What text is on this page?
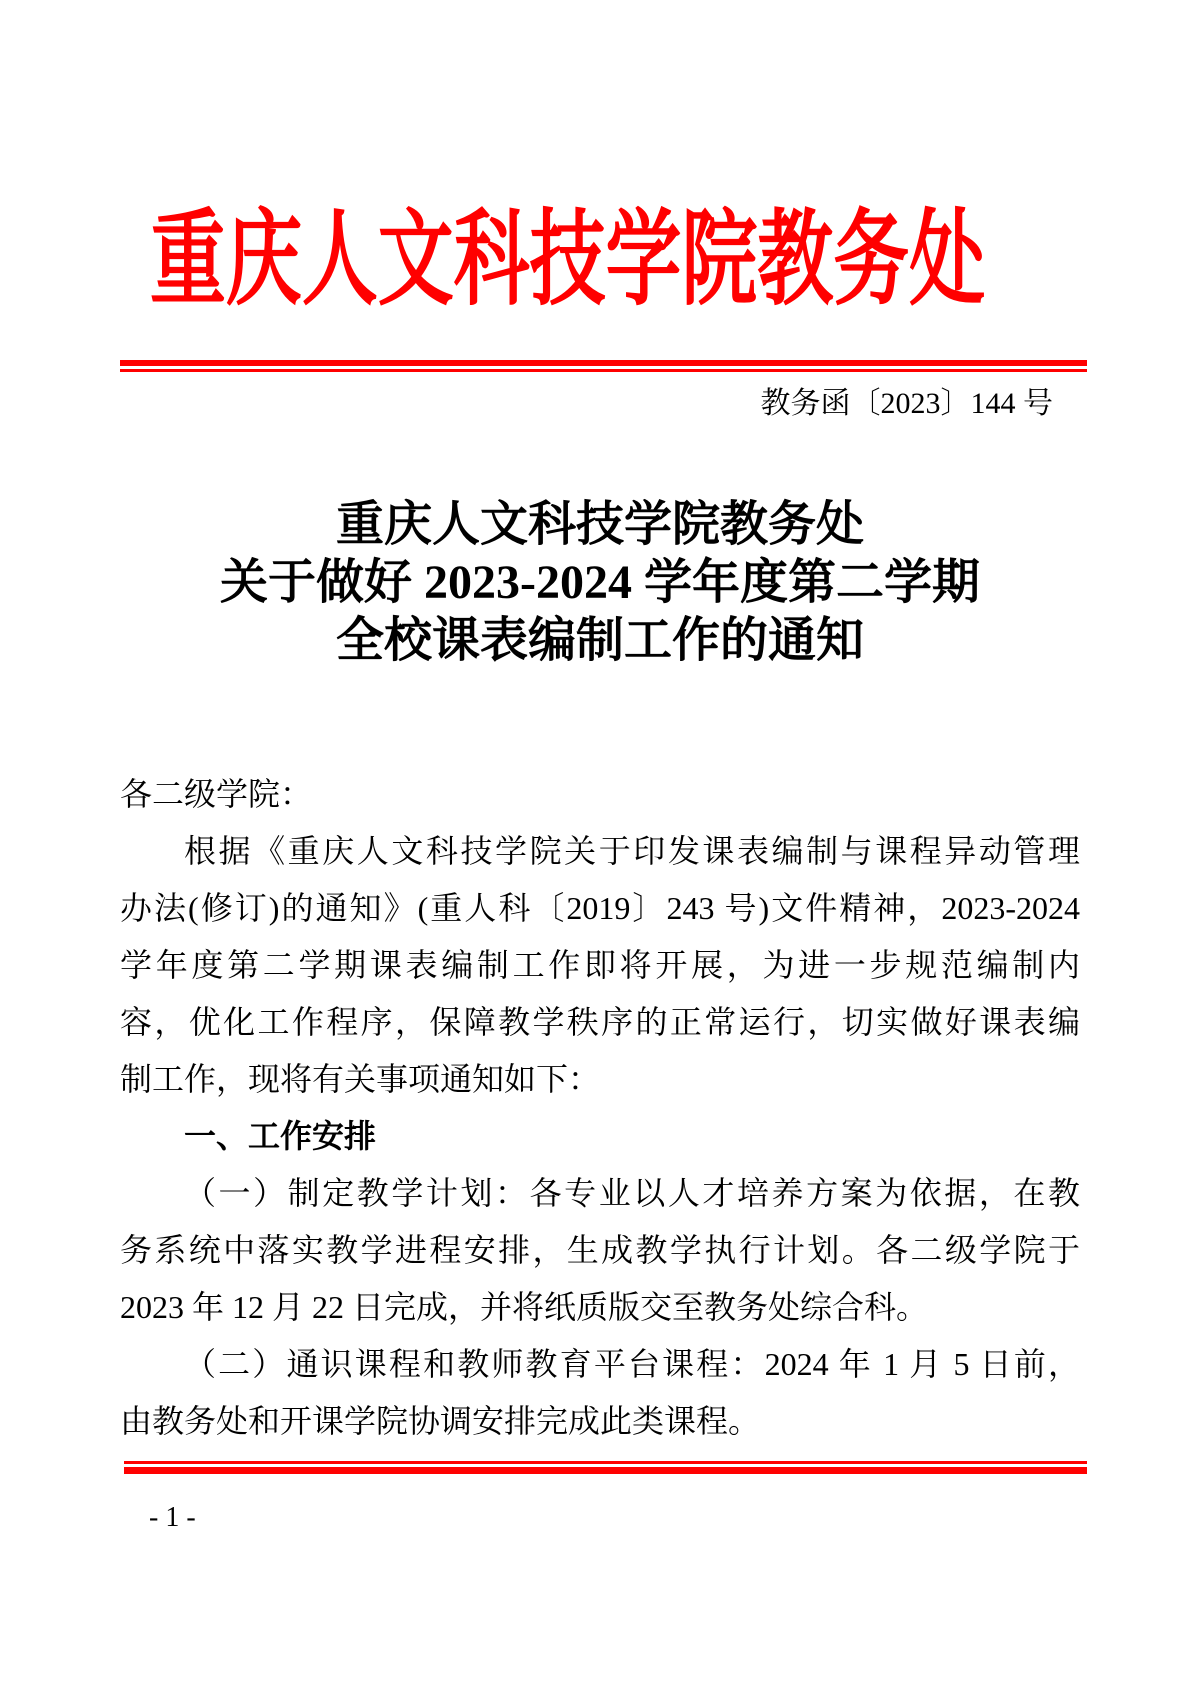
重庆人文科技学院教务处
教务函〔2023〕144 号
重庆人文科技学院教务处
关于做好 2023-2024 学年度第二学期
全校课表编制工作的通知
各二级学院：
根据《重庆人文科技学院关于印发课表编制与课程异动管理
办法(修订)的通知》(重人科〔2019〕243 号)文件精神，2023-2024
学年度第二学期课表编制工作即将开展，为进一步规范编制内
容，优化工作程序，保障教学秩序的正常运行，切实做好课表编
制工作，现将有关事项通知如下：
一、工作安排
（一）制定教学计划：各专业以人才培养方案为依据，在教
务系统中落实教学进程安排，生成教学执行计划。各二级学院于
2023 年 12 月 22 日完成，并将纸质版交至教务处综合科。
（二）通识课程和教师教育平台课程：2024 年 1 月 5 日前，
由教务处和开课学院协调安排完成此类课程。
- 1 -
